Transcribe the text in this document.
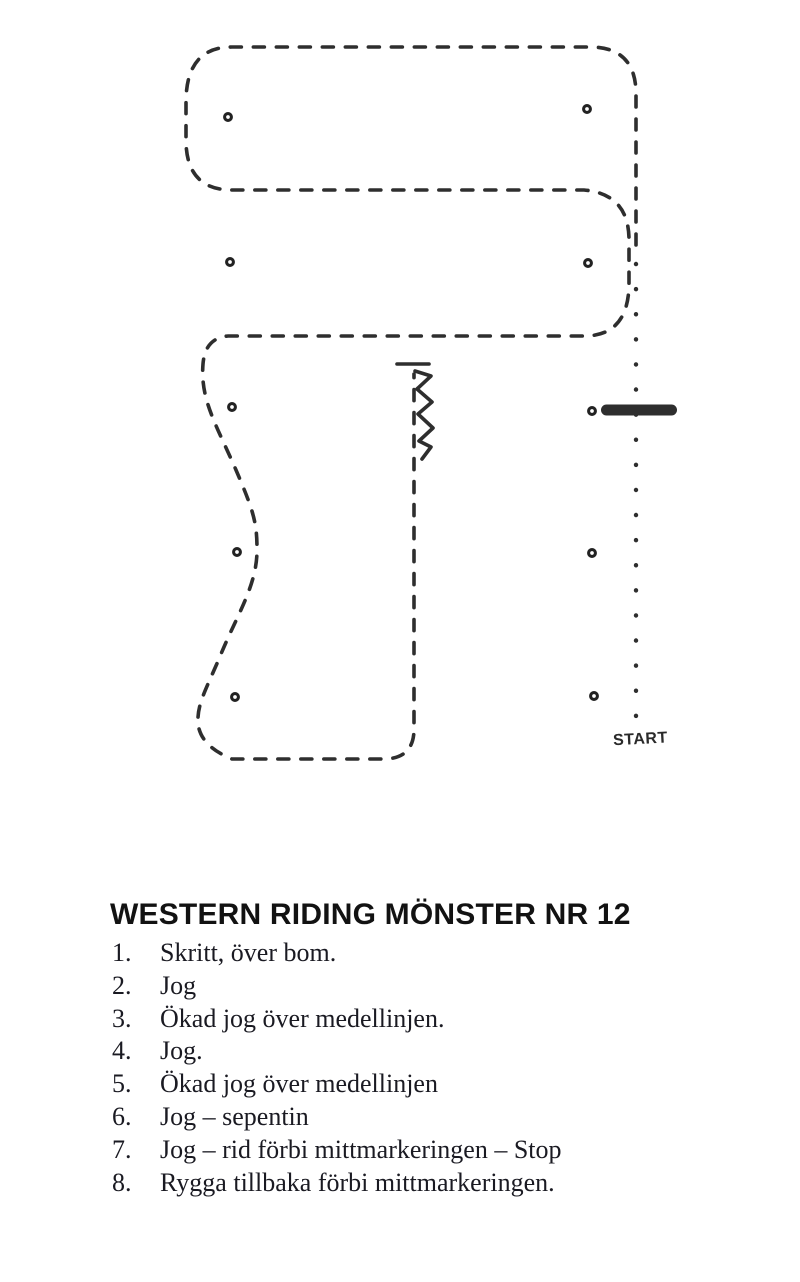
START
WESTERN RIDING MÖNSTER NR 12
1.	Skritt, över bom.
2.	Jog
3.	Ökad jog över medellinjen.
4.	Jog.
5.	Ökad jog över medellinjen
6.	Jog – sepentin
7.	Jog – rid förbi mittmarkeringen – Stop
8.	Rygga tillbaka förbi mittmarkeringen.
